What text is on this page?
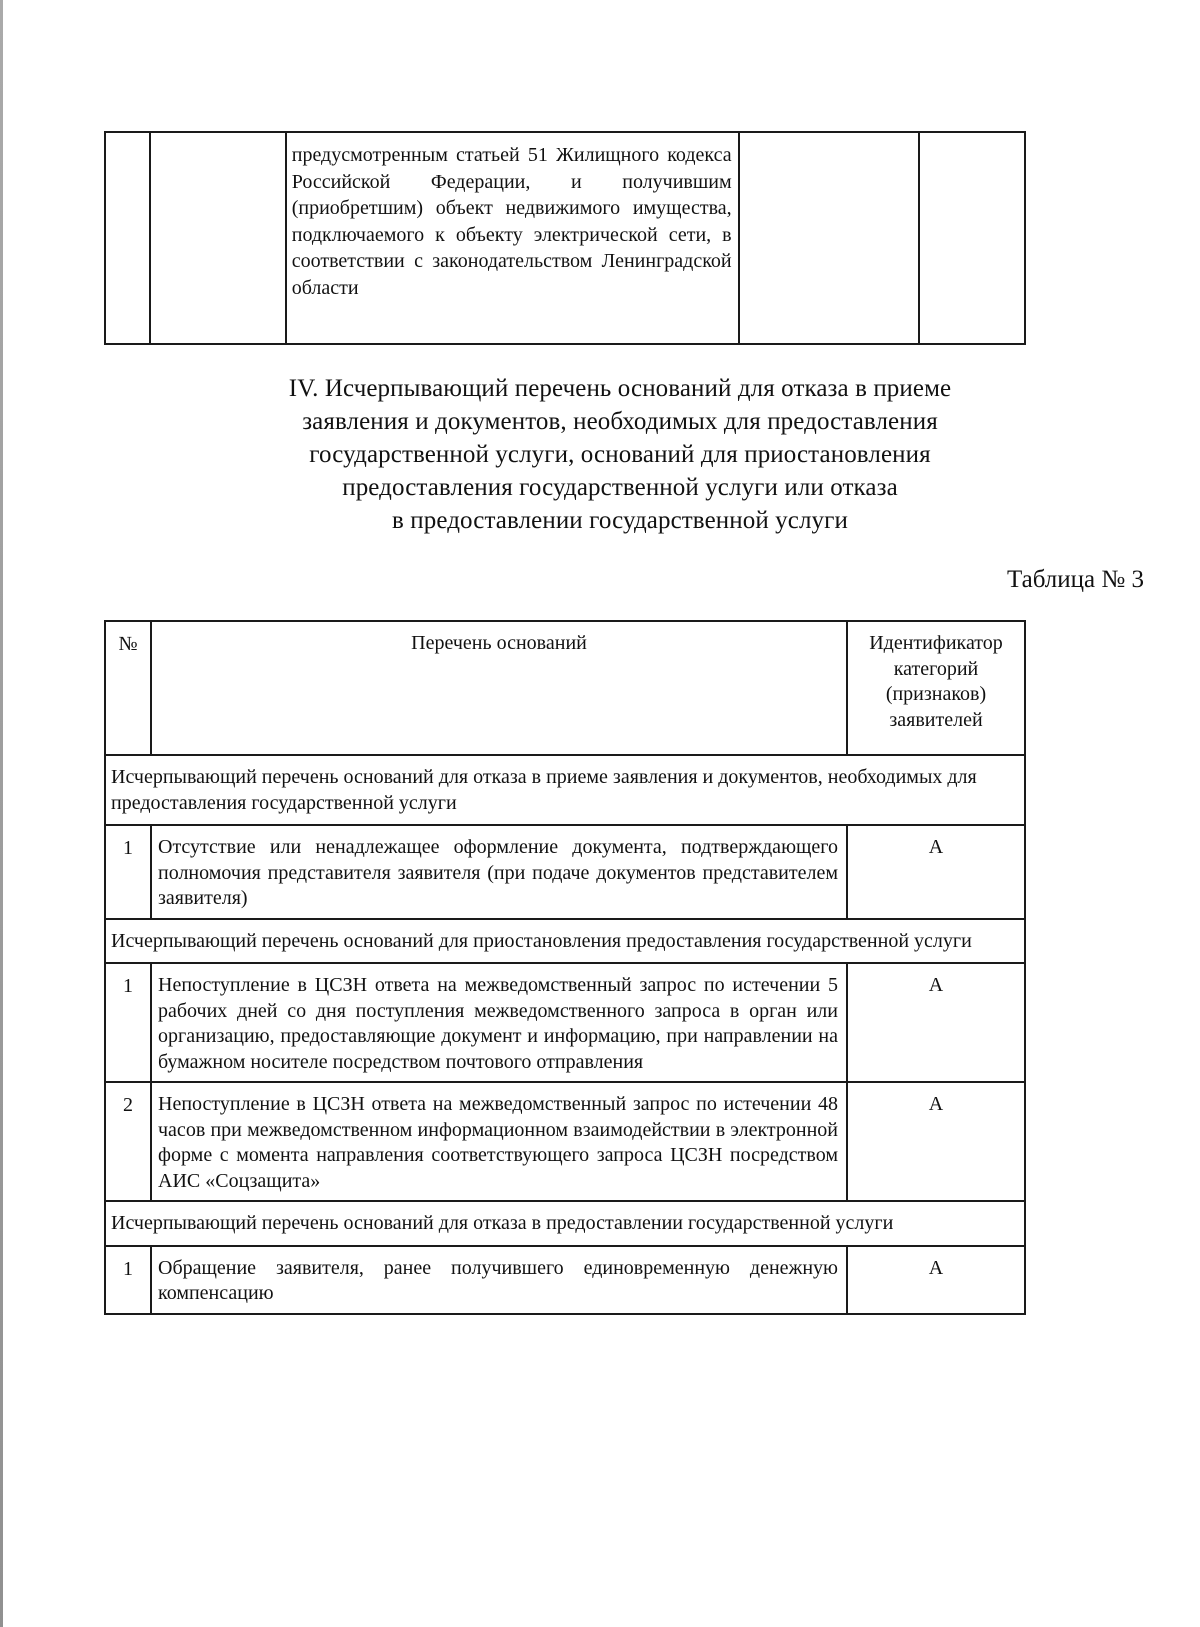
предусмотренным статьей 51 Жилищного кодекса Российской Федерации, и получившим (приобретшим) объект недвижимого имущества, подключаемого к объекту электрической сети, в соответствии с законодательством Ленинградской области

IV. Исчерпывающий перечень оснований для отказа в приеме
заявления и документов, необходимых для предоставления
государственной услуги, оснований для приостановления
предоставления государственной услуги или отказа
в предоставлении государственной услуги
Таблица № 3
№	Перечень оснований	Идентификатор категорий (признаков) заявителей
Исчерпывающий перечень оснований для отказа в приеме заявления и документов, необходимых для предоставления государственной услуги		
1	Отсутствие или ненадлежащее оформление документа, подтверждающего полномочия представителя заявителя (при подаче документов представителем заявителя)	А
Исчерпывающий перечень оснований для приостановления предоставления государственной услуги		
1	Непоступление в ЦСЗН ответа на межведомственный запрос по истечении 5 рабочих дней со дня поступления межведомственного запроса в орган или организацию, предоставляющие документ и информацию, при направлении на бумажном носителе посредством почтового отправления	А
2	Непоступление в ЦСЗН ответа на межведомственный запрос по истечении 48 часов при межведомственном информационном взаимодействии в электронной форме с момента направления соответствующего запроса ЦСЗН посредством АИС «Соцзащита»	А
Исчерпывающий перечень оснований для отказа в предоставлении государственной услуги		
1	Обращение заявителя, ранее получившего единовременную денежную компенсацию	А
